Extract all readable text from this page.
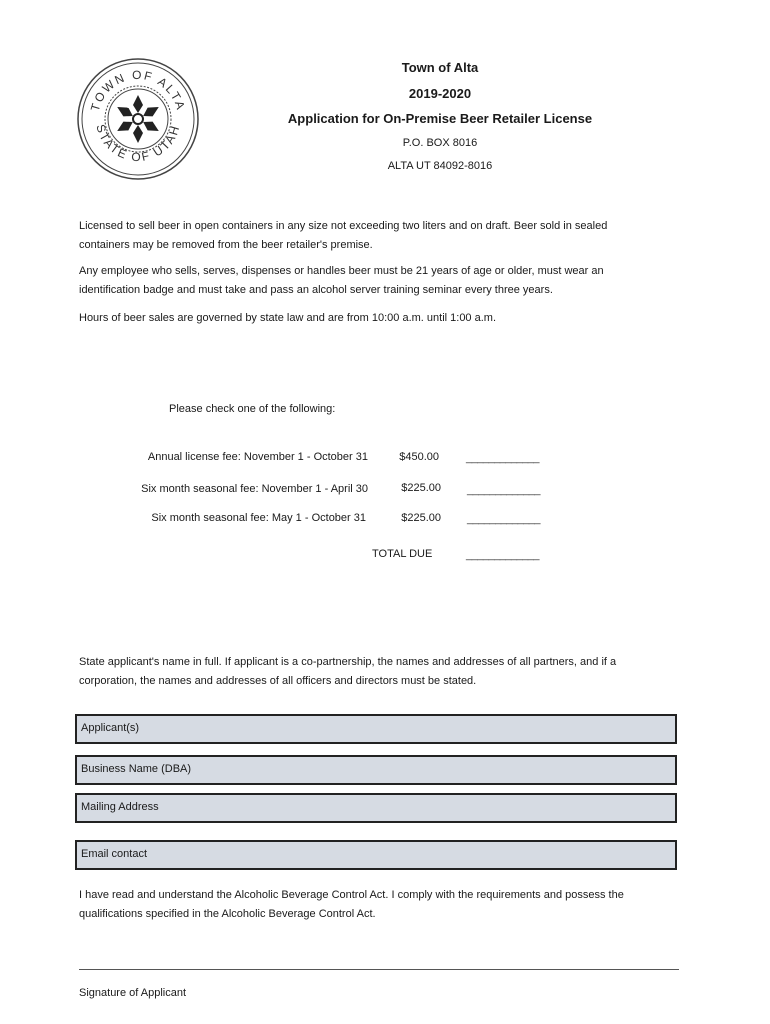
TOWN OF ALTA
STATE OF UTAH
Town of Alta
2019-2020
Application for On-Premise Beer Retailer License
P.O. BOX 8016
ALTA UT 84092-8016
Licensed to sell beer in open containers in any size not exceeding two liters and on draft. Beer sold in sealed
containers may be removed from the beer retailer's premise.
Any employee who sells, serves, dispenses or handles beer must be 21 years of age or older, must wear an
identification badge and must take and pass an alcohol server training seminar every three years.
Hours of beer sales are governed by state law and are from 10:00 a.m. until 1:00 a.m.
Please check one of the following:
Annual license fee: November 1 - October 31	$450.00 _____________
Six month seasonal fee: November 1 - April 30	$225.00 _____________
Six month seasonal fee: May 1 - October 31	$225.00 _____________
TOTAL DUE	_____________
State applicant's name in full. If applicant is a co-partnership, the names and addresses of all partners, and if a
corporation, the names and addresses of all officers and directors must be stated.
Applicant(s)
Business Name (DBA)
Mailing Address
Email contact
I have read and understand the Alcoholic Beverage Control Act. I comply with the requirements and possess the
qualifications specified in the Alcoholic Beverage Control Act.
Signature of Applicant
